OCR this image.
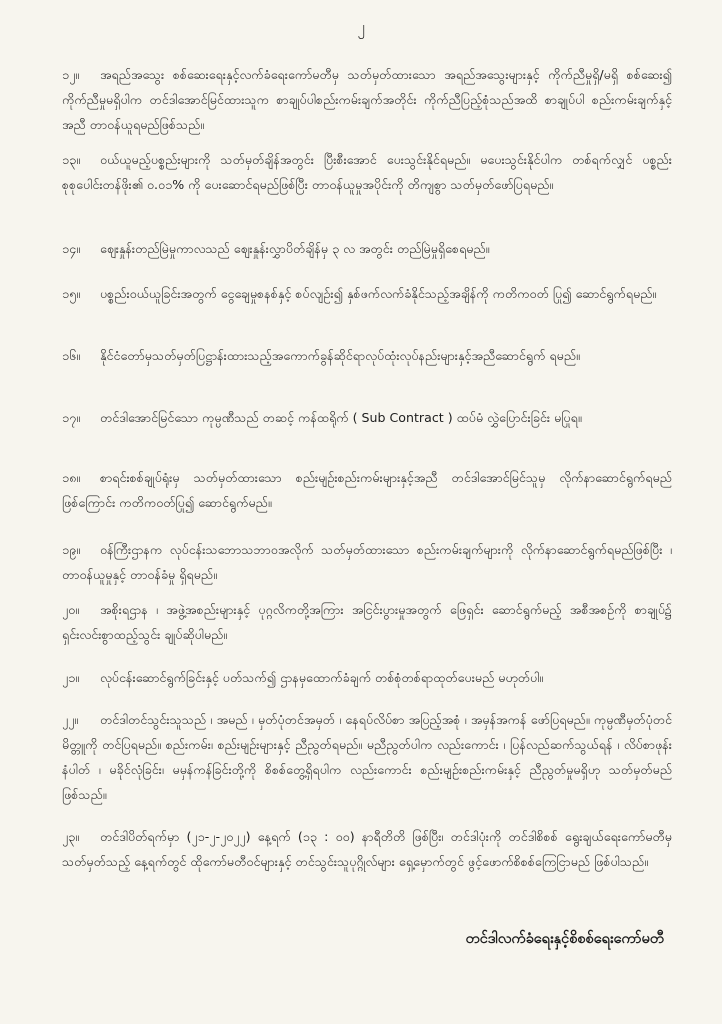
၂
၁၂။ အရည်အသွေး စစ်ဆေးရေးနှင့်လက်ခံရေးကော်မတီမှ သတ်မှတ်ထားသော အရည်အသွေးများနှင့် ကိုက်ညီမှုရှိ/မရှိ စစ်ဆေး၍ ကိုက်ညီမှုမရှိပါက တင်ဒါအောင်မြင်ထားသူက စာချုပ်ပါစည်းကမ်းချက်အတိုင်း ကိုက်ညီပြည့်စုံသည်အထိ စာချုပ်ပါ စည်းကမ်းချက်နှင့် အညီ တာဝန်ယူရမည်ဖြစ်သည်။
၁၃။ ဝယ်ယူမည့်ပစ္စည်းများကို သတ်မှတ်ချိန်အတွင်း ပြီးစီးအောင် ပေးသွင်းနိုင်ရမည်။ မပေးသွင်းနိုင်ပါက တစ်ရက်လျှင် ပစ္စည်း စုစုပေါင်းတန်ဖိုး၏ ၀.၀၁% ကို ပေးဆောင်ရမည်ဖြစ်ပြီး တာဝန်ယူမှုအပိုင်းကို တိကျစွာ သတ်မှတ်ဖော်ပြရမည်။
၁၄။ ဈေးနှုန်းတည်မြဲမှုကာလသည် ဈေးနှုန်းလွှာပိတ်ချိန်မှ ၃ လ အတွင်း တည်မြဲမှုရှိစေရမည်။
၁၅။ ပစ္စည်းဝယ်ယူခြင်းအတွက် ငွေချေမှုစနစ်နှင့် စပ်လျဉ်း၍ နှစ်ဖက်လက်ခံနိုင်သည့်အချိန်ကို ကတိကဝတ် ပြု၍ ဆောင်ရွက်ရမည်။
၁၆။ နိုင်ငံတော်မှသတ်မှတ်ပြဋ္ဌာန်းထားသည့်အကောက်ခွန်ဆိုင်ရာလုပ်ထုံးလုပ်နည်းများနှင့်အညီဆောင်ရွက် ရမည်။
၁၇။ တင်ဒါအောင်မြင်သော ကုမ္ပဏီသည် တဆင့် ကန်ထရိုက် ( Sub Contract ) ထပ်မံ လွှဲပြောင်းခြင်း မပြုရ။
၁၈။ စာရင်းစစ်ချုပ်ရုံးမှ သတ်မှတ်ထားသော စည်းမျဉ်းစည်းကမ်းများနှင့်အညီ တင်ဒါအောင်မြင်သူမှ လိုက်နာဆောင်ရွက်ရမည်ဖြစ်ကြောင်း ကတိကဝတ်ပြု၍ ဆောင်ရွက်မည်။
၁၉။ ဝန်ကြီးဌာနက လုပ်ငန်းသဘောသဘာဝအလိုက် သတ်မှတ်ထားသော စည်းကမ်းချက်များကို လိုက်နာဆောင်ရွက်ရမည်ဖြစ်ပြီး ၊ တာဝန်ယူမှုနှင့် တာဝန်ခံမှု ရှိရမည်။
၂၀။ အစိုးရဌာန ၊ အဖွဲ့အစည်းများနှင့် ပုဂ္ဂလိကတို့အကြား အငြင်းပွားမှုအတွက် ဖြေရှင်း ဆောင်ရွက်မည့် အစီအစဉ်ကို စာချုပ်၌ ရှင်းလင်းစွာထည့်သွင်း ချုပ်ဆိုပါမည်။
၂၁။ လုပ်ငန်းဆောင်ရွက်ခြင်းနှင့် ပတ်သက်၍ ဌာနမှထောက်ခံချက် တစ်စုံတစ်ရာထုတ်ပေးမည် မဟုတ်ပါ။
၂၂။ တင်ဒါတင်သွင်းသူသည် ၊ အမည် ၊ မှတ်ပုံတင်အမှတ် ၊ နေရပ်လိပ်စာ အပြည့်အစုံ ၊ အမှန်အကန် ဖော်ပြရမည်။ ကုမ္ပဏီမှတ်ပုံတင်မိတ္တူကို တင်ပြရမည်။ စည်းကမ်း၊ စည်းမျဉ်းများနှင့် ညီညွတ်ရမည်။ မညီညွတ်ပါက လည်းကောင်း ၊ ပြန်လည်ဆက်သွယ်ရန် ၊ လိပ်စာဖုန်းနံပါတ် ၊ မခိုင်လုံခြင်း၊ မမှန်ကန်ခြင်းတို့ကို စိစစ်တွေ့ရှိရပါက လည်းကောင်း စည်းမျဉ်းစည်းကမ်းနှင့် ညီညွတ်မှုမရှိဟု သတ်မှတ်မည်ဖြစ်သည်။
၂၃။ တင်ဒါပိတ်ရက်မှာ (၂၁-၂-၂၀၂၂) နေ့ရက် (၁၃ : ၀၀) နာရီတိတိ ဖြစ်ပြီး၊ တင်ဒါပုံးကို တင်ဒါစိစစ် ရွေးချယ်ရေးကော်မတီမှ သတ်မှတ်သည့် နေ့ရက်တွင် ထိုကော်မတီဝင်များနှင့် တင်သွင်းသူပုဂ္ဂိုလ်များ ရှေ့မှောက်တွင် ဖွင့်ဖောက်စိစစ်ကြေငြာမည် ဖြစ်ပါသည်။
တင်ဒါလက်ခံရေးနှင့်စိစစ်ရေးကော်မတီ
